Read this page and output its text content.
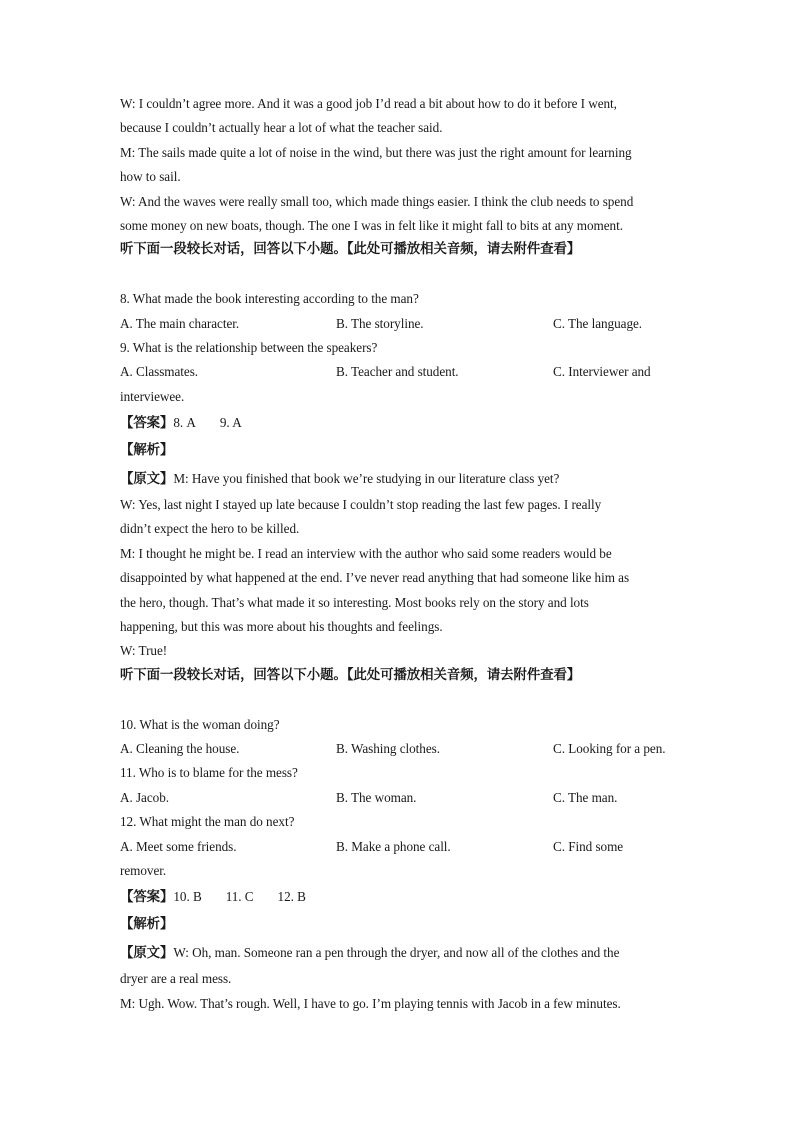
W: I couldn’t agree more. And it was a good job I’d read a bit about how to do it before I went,
because I couldn’t actually hear a lot of what the teacher said.
M: The sails made quite a lot of noise in the wind, but there was just the right amount for learning
how to sail.
W: And the waves were really small too, which made things easier. I think the club needs to spend
some money on new boats, though. The one I was in felt like it might fall to bits at any moment.
听下面一段较长对话，回答以下小题。【此处可播放相关音频，请去附件查看】
8. What made the book interesting according to the man?
A. The main character.	B. The storyline.	C. The language.
9. What is the relationship between the speakers?
A. Classmates.	B. Teacher and student.	C. Interviewer and
interviewee.
【答案】8. A 9. A
【解析】
【原文】M: Have you finished that book we’re studying in our literature class yet?
W: Yes, last night I stayed up late because I couldn’t stop reading the last few pages. I really
didn’t expect the hero to be killed.
M: I thought he might be. I read an interview with the author who said some readers would be
disappointed by what happened at the end. I’ve never read anything that had someone like him as
the hero, though. That’s what made it so interesting. Most books rely on the story and lots
happening, but this was more about his thoughts and feelings.
W: True!
听下面一段较长对话，回答以下小题。【此处可播放相关音频，请去附件查看】
10. What is the woman doing?
A. Cleaning the house.	B. Washing clothes.	C. Looking for a pen.
11. Who is to blame for the mess?
A. Jacob.	B. The woman.	C. The man.
12. What might the man do next?
A. Meet some friends.	B. Make a phone call.	C. Find some
remover.
【答案】10. B 11. C 12. B
【解析】
【原文】W: Oh, man. Someone ran a pen through the dryer, and now all of the clothes and the
dryer are a real mess.
M: Ugh. Wow. That’s rough. Well, I have to go. I’m playing tennis with Jacob in a few minutes.
